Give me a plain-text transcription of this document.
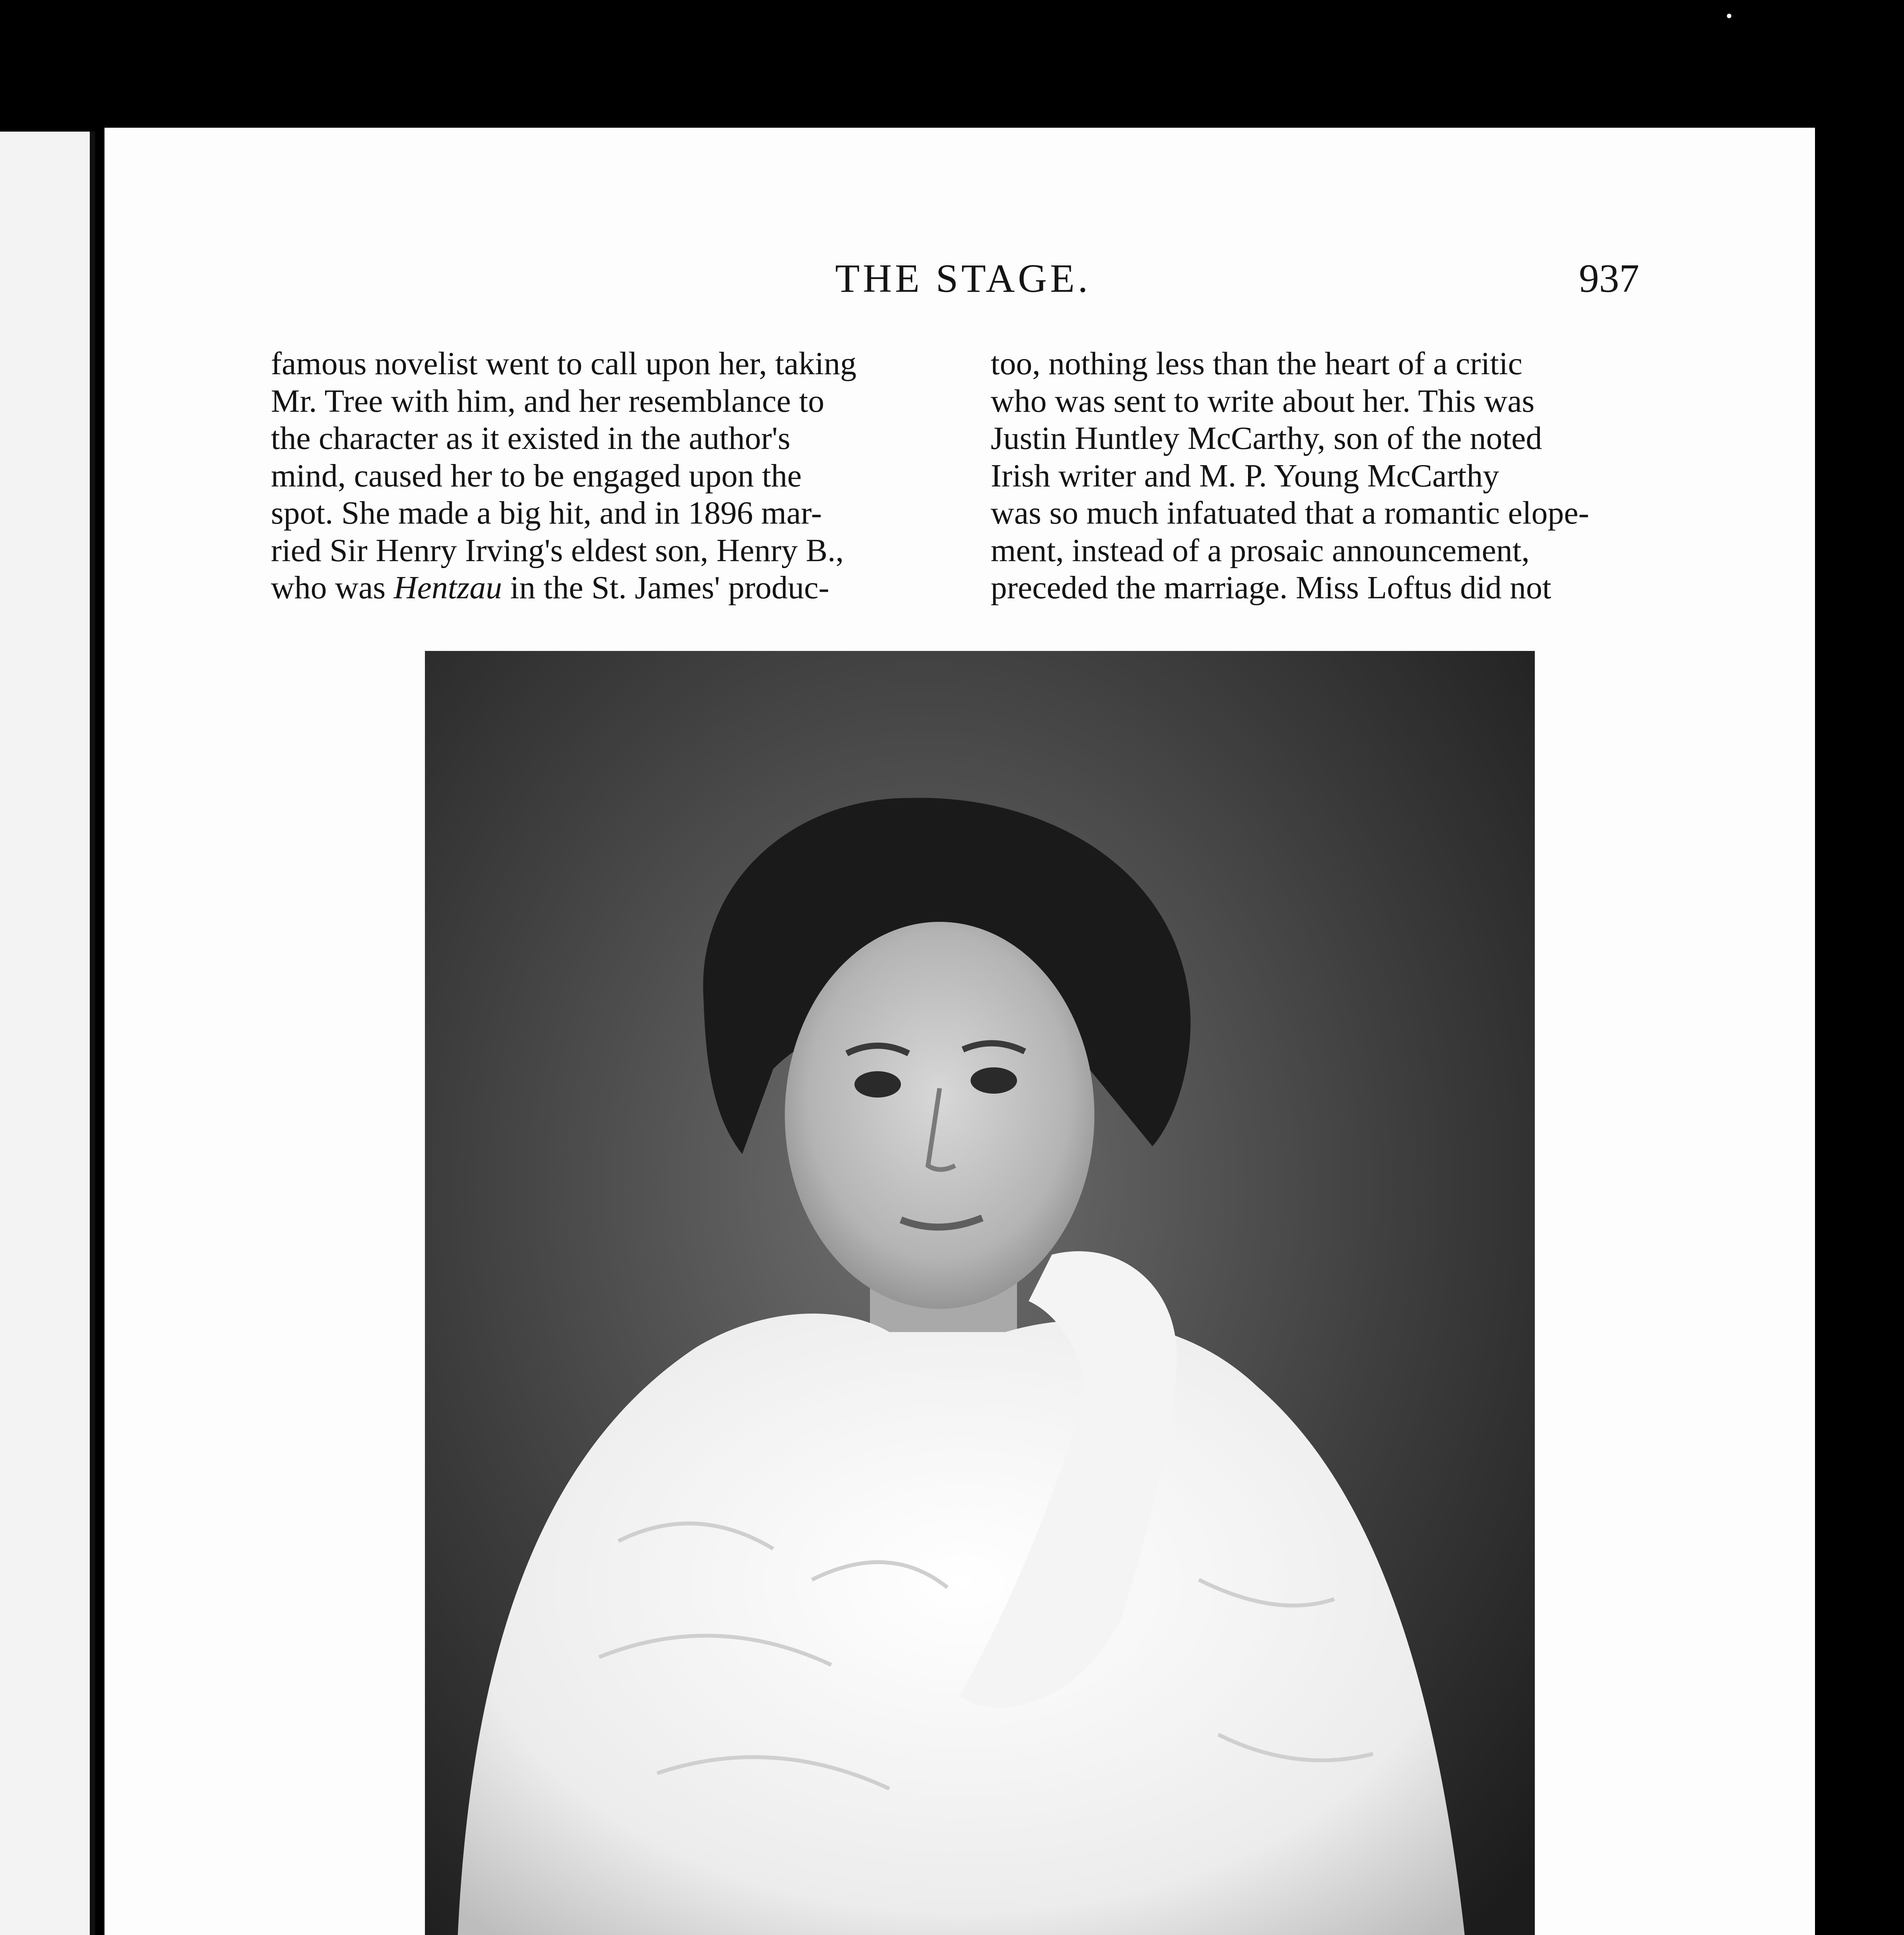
•
THE STAGE.	937

famous novelist went to call upon her, taking

Mr. Tree with him, and her resemblance to

the character as it existed in the author's

mind, caused her to be engaged upon the

spot. She made a big hit, and in 1896 mar-

ried Sir Henry Irving's eldest son, Henry B.,

who was Hentzau in the St. James' produc-

too, nothing less than the heart of a critic

who was sent to write about her. This was

Justin Huntley McCarthy, son of the noted

Irish writer and M. P. Young McCarthy

was so much infatuated that a romantic elope-

ment, instead of a prosaic announcement,

preceded the marriage. Miss Loftus did not
